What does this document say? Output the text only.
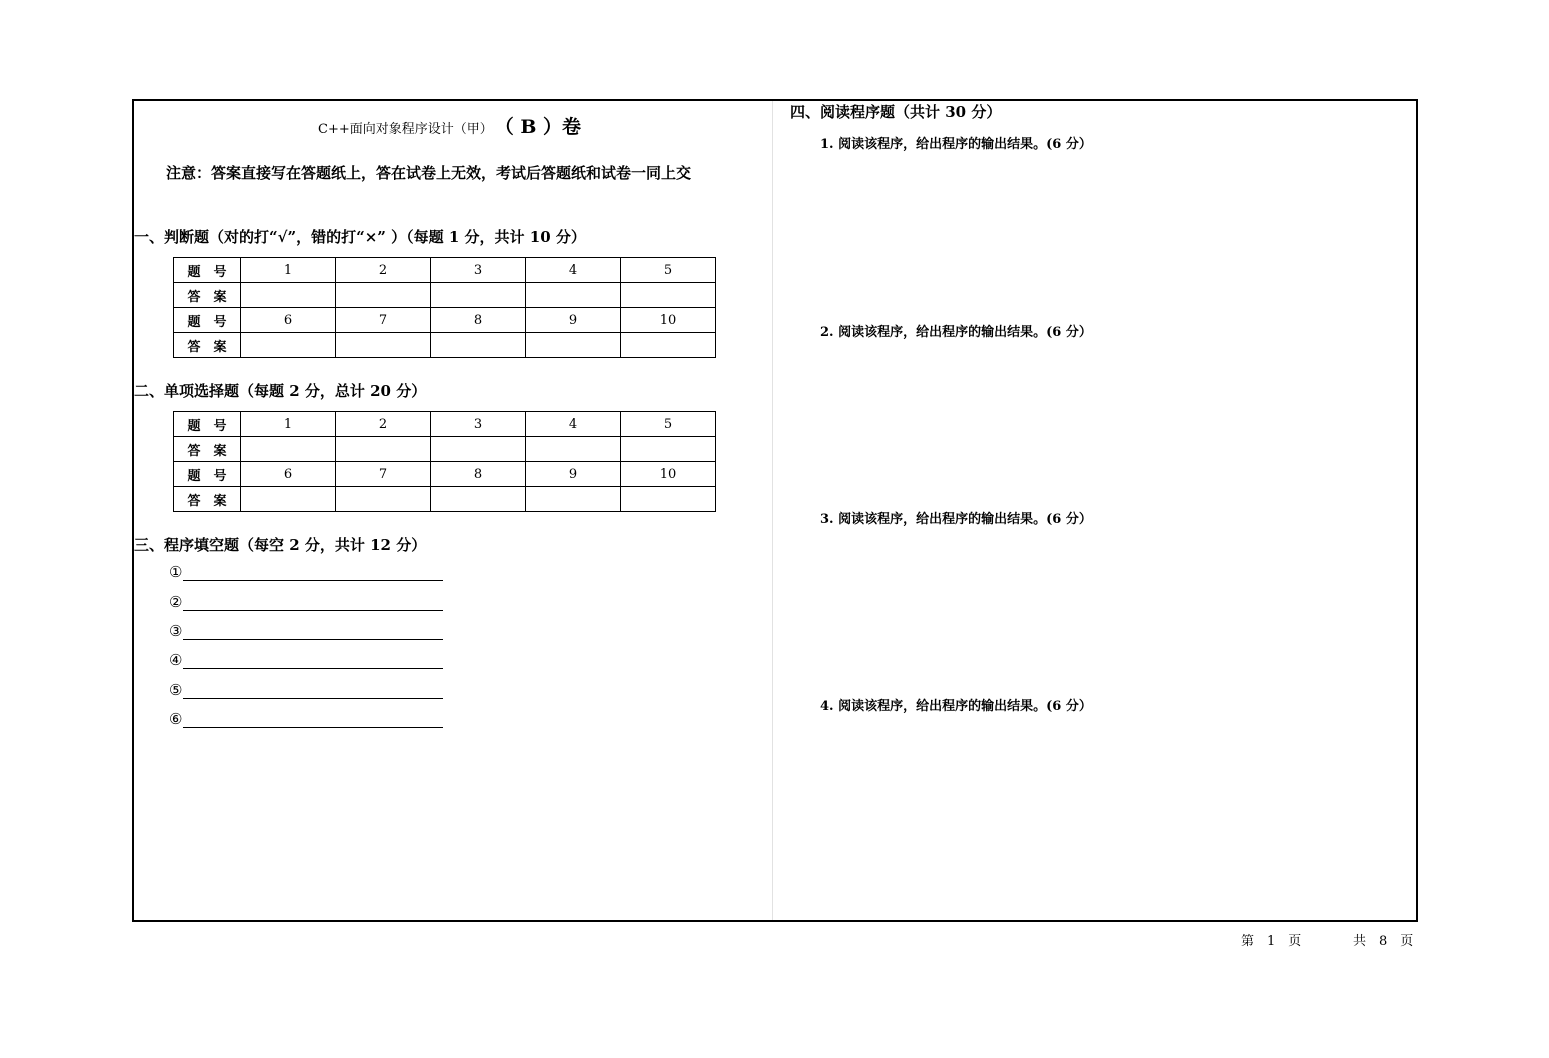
C++面向对象程序设计（甲） （ B ）卷
注意：答案直接写在答题纸上，答在试卷上无效，考试后答题纸和试卷一同上交
一、判断题（对的打“√”，错的打“×” ）（每题 1 分，共计 10 分）
题　号	1	2	3	4	5
答　案					
题　号	6	7	8	9	10
答　案					
二、单项选择题（每题 2 分，总计 20 分）
题　号	1	2	3	4	5
答　案					
题　号	6	7	8	9	10
答　案					
三、程序填空题（每空 2 分，共计 12 分）
①
②
③
④
⑤
⑥
四、阅读程序题（共计 30 分）
1. 阅读该程序，给出程序的输出结果。(6 分）
2. 阅读该程序，给出程序的输出结果。(6 分）
3. 阅读该程序，给出程序的输出结果。(6 分）
4. 阅读该程序，给出程序的输出结果。(6 分）
第　1　页	共　8　页
